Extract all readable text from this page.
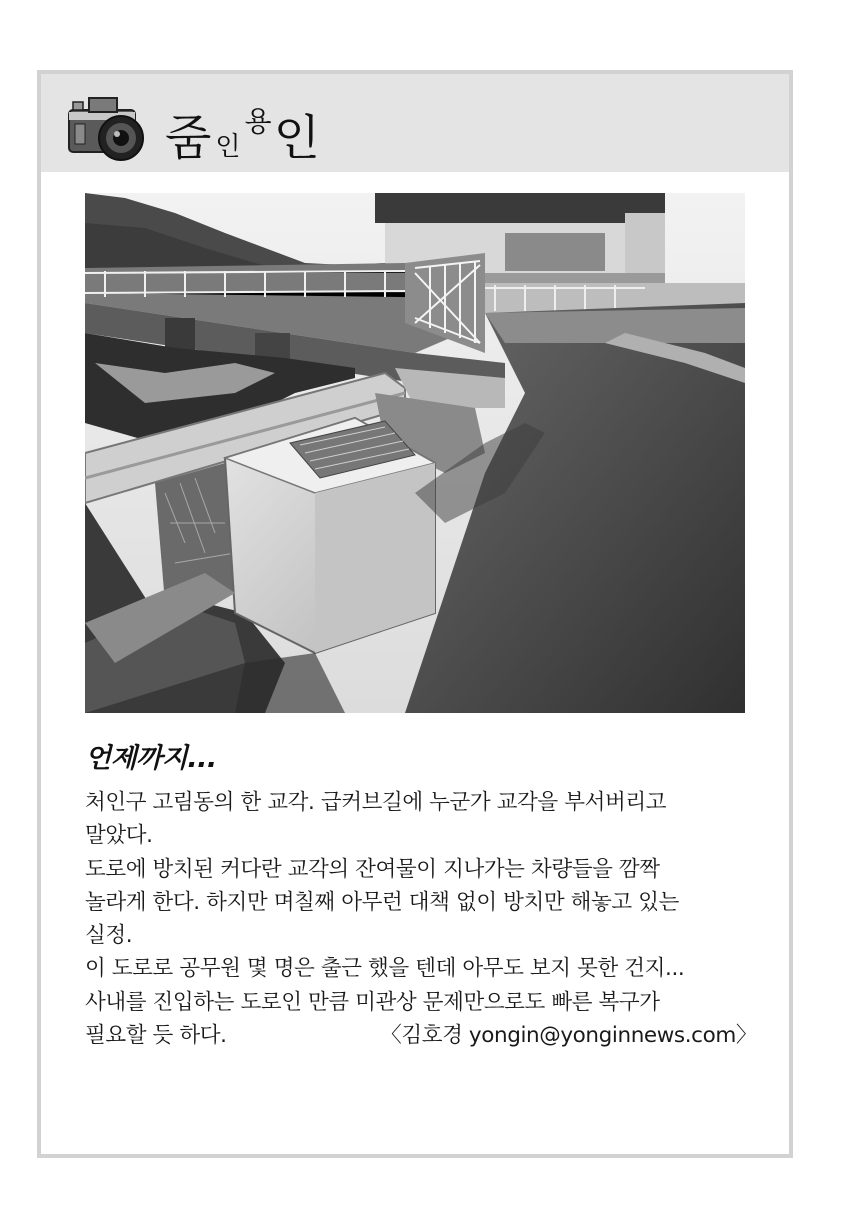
줌 인
용 인
언제까지...
처인구 고림동의 한 교각. 급커브길에 누군가 교각을 부서버리고
말았다.
도로에 방치된 커다란 교각의 잔여물이 지나가는 차량들을 깜짝
놀라게 한다. 하지만 며칠째 아무런 대책 없이 방치만 해놓고 있는
실정.
이 도로로 공무원 몇 명은 출근 했을 텐데 아무도 보지 못한 건지...
사내를 진입하는 도로인 만큼 미관상 문제만으로도 빠른 복구가
필요할 듯 하다.	〈김호경 yongin@yonginnews.com〉
